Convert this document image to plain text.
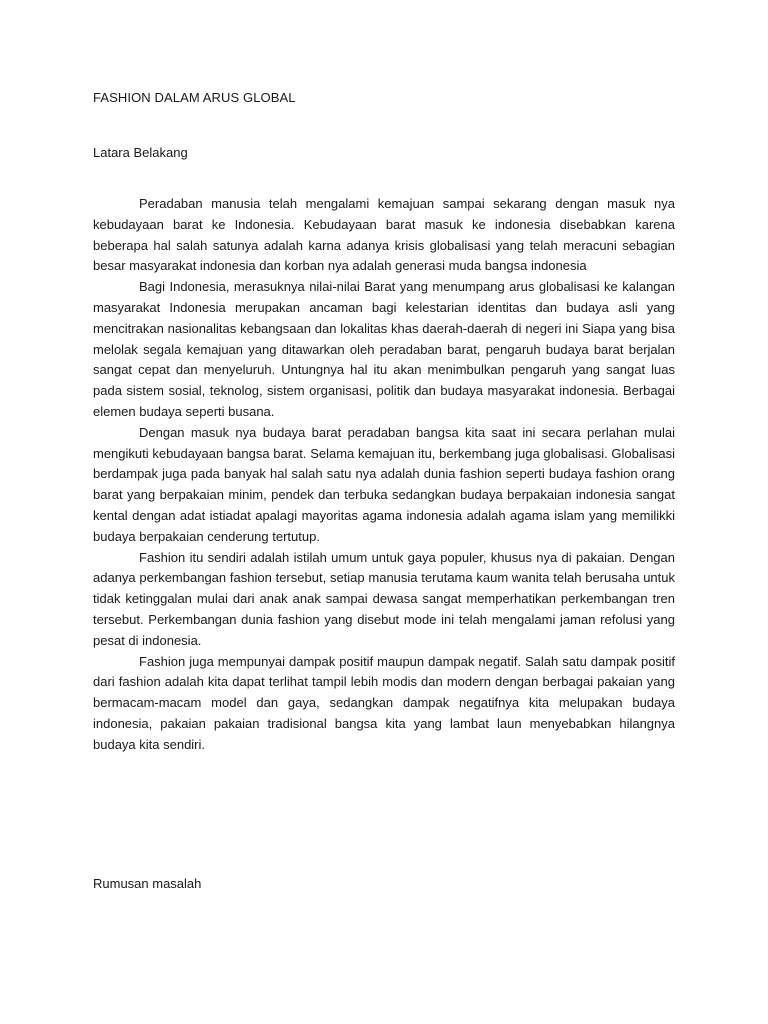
FASHION DALAM ARUS GLOBAL
Latara Belakang

Peradaban manusia telah mengalami kemajuan sampai sekarang dengan masuk nya kebudayaan barat ke Indonesia. Kebudayaan barat masuk ke indonesia disebabkan karena beberapa hal salah satunya adalah karna adanya krisis globalisasi yang telah meracuni sebagian besar masyarakat indonesia dan korban nya adalah generasi muda bangsa indonesia

Bagi Indonesia, merasuknya nilai-nilai Barat yang menumpang arus globalisasi ke kalangan masyarakat Indonesia merupakan ancaman bagi kelestarian identitas dan budaya asli yang mencitrakan nasionalitas kebangsaan dan lokalitas khas daerah-daerah di negeri ini Siapa yang bisa melolak segala kemajuan yang ditawarkan oleh peradaban barat, pengaruh budaya barat berjalan sangat cepat dan menyeluruh. Untungnya hal itu akan menimbulkan pengaruh yang sangat luas pada sistem sosial, teknolog, sistem organisasi, politik dan budaya masyarakat indonesia. Berbagai elemen budaya seperti busana.

Dengan masuk nya budaya barat peradaban bangsa kita saat ini secara perlahan mulai mengikuti kebudayaan bangsa barat. Selama kemajuan itu, berkembang juga globalisasi. Globalisasi berdampak juga pada banyak hal salah satu nya adalah dunia fashion seperti budaya fashion orang barat yang berpakaian minim, pendek dan terbuka sedangkan budaya berpakaian indonesia sangat kental dengan adat istiadat apalagi mayoritas agama indonesia adalah agama islam yang memilikki budaya berpakaian cenderung tertutup.

Fashion itu sendiri adalah istilah umum untuk gaya populer, khusus nya di pakaian. Dengan adanya perkembangan fashion tersebut, setiap manusia terutama kaum wanita telah berusaha untuk tidak ketinggalan mulai dari anak anak sampai dewasa sangat memperhatikan perkembangan tren tersebut. Perkembangan dunia fashion yang disebut mode ini telah mengalami jaman refolusi yang pesat di indonesia.

Fashion juga mempunyai dampak positif maupun dampak negatif. Salah satu dampak positif dari fashion adalah kita dapat terlihat tampil lebih modis dan modern dengan berbagai pakaian yang bermacam-macam model dan gaya, sedangkan dampak negatifnya kita melupakan budaya indonesia, pakaian pakaian tradisional bangsa kita yang lambat laun menyebabkan hilangnya budaya kita sendiri.

Rumusan masalah
